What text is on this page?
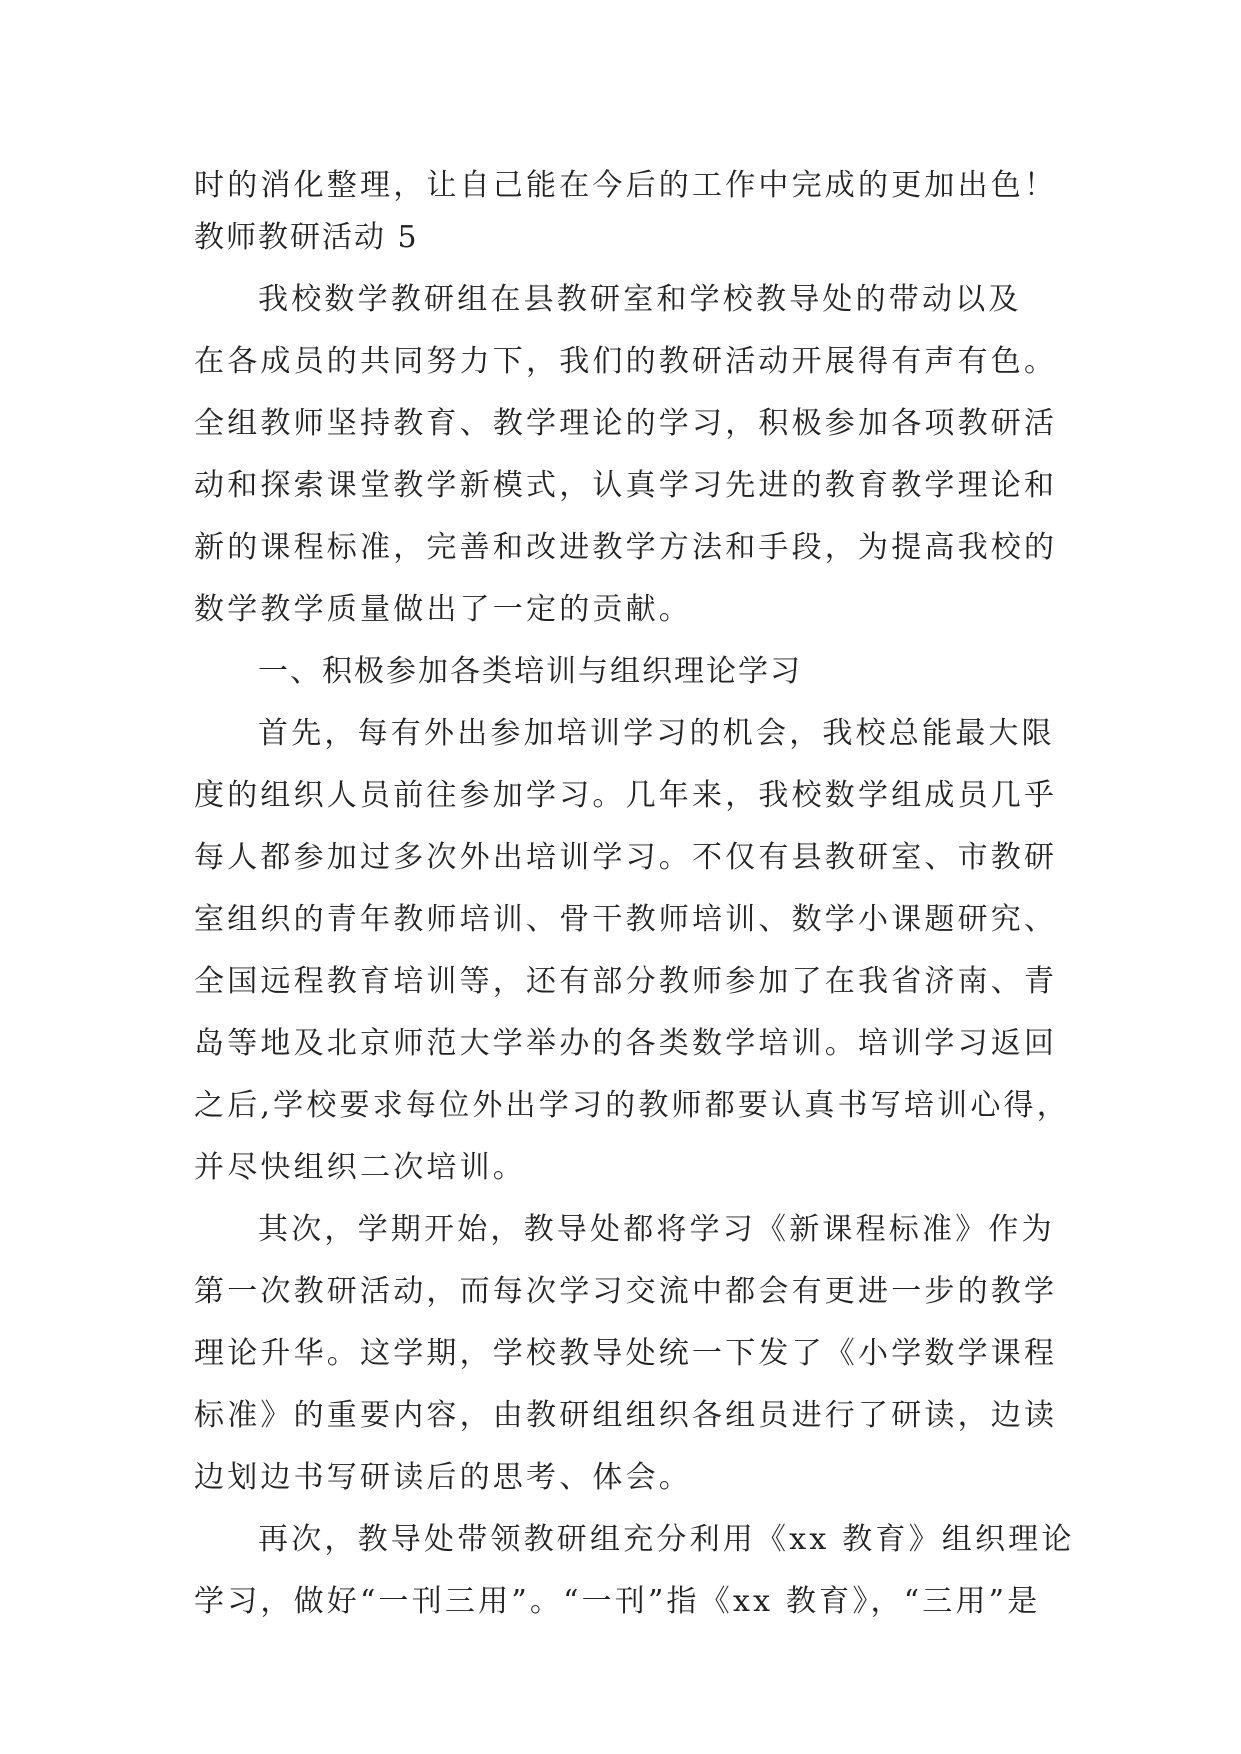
时的消化整理，让自己能在今后的工作中完成的更加出色！
教师教研活动 5
我校数学教研组在县教研室和学校教导处的带动以及
在各成员的共同努力下，我们的教研活动开展得有声有色。
全组教师坚持教育、教学理论的学习，积极参加各项教研活
动和探索课堂教学新模式，认真学习先进的教育教学理论和
新的课程标准，完善和改进教学方法和手段，为提高我校的
数学教学质量做出了一定的贡献。
一、积极参加各类培训与组织理论学习
首先，每有外出参加培训学习的机会，我校总能最大限
度的组织人员前往参加学习。几年来，我校数学组成员几乎
每人都参加过多次外出培训学习。不仅有县教研室、市教研
室组织的青年教师培训、骨干教师培训、数学小课题研究、
全国远程教育培训等，还有部分教师参加了在我省济南、青
岛等地及北京师范大学举办的各类数学培训。培训学习返回
之后,学校要求每位外出学习的教师都要认真书写培训心得，
并尽快组织二次培训。
其次，学期开始，教导处都将学习《新课程标准》作为
第一次教研活动，而每次学习交流中都会有更进一步的教学
理论升华。这学期，学校教导处统一下发了《小学数学课程
标准》的重要内容，由教研组组织各组员进行了研读，边读
边划边书写研读后的思考、体会。
再次，教导处带领教研组充分利用《xx 教育》组织理论
学习，做好“一刊三用”。“一刊”指《xx 教育》，“三用”是
